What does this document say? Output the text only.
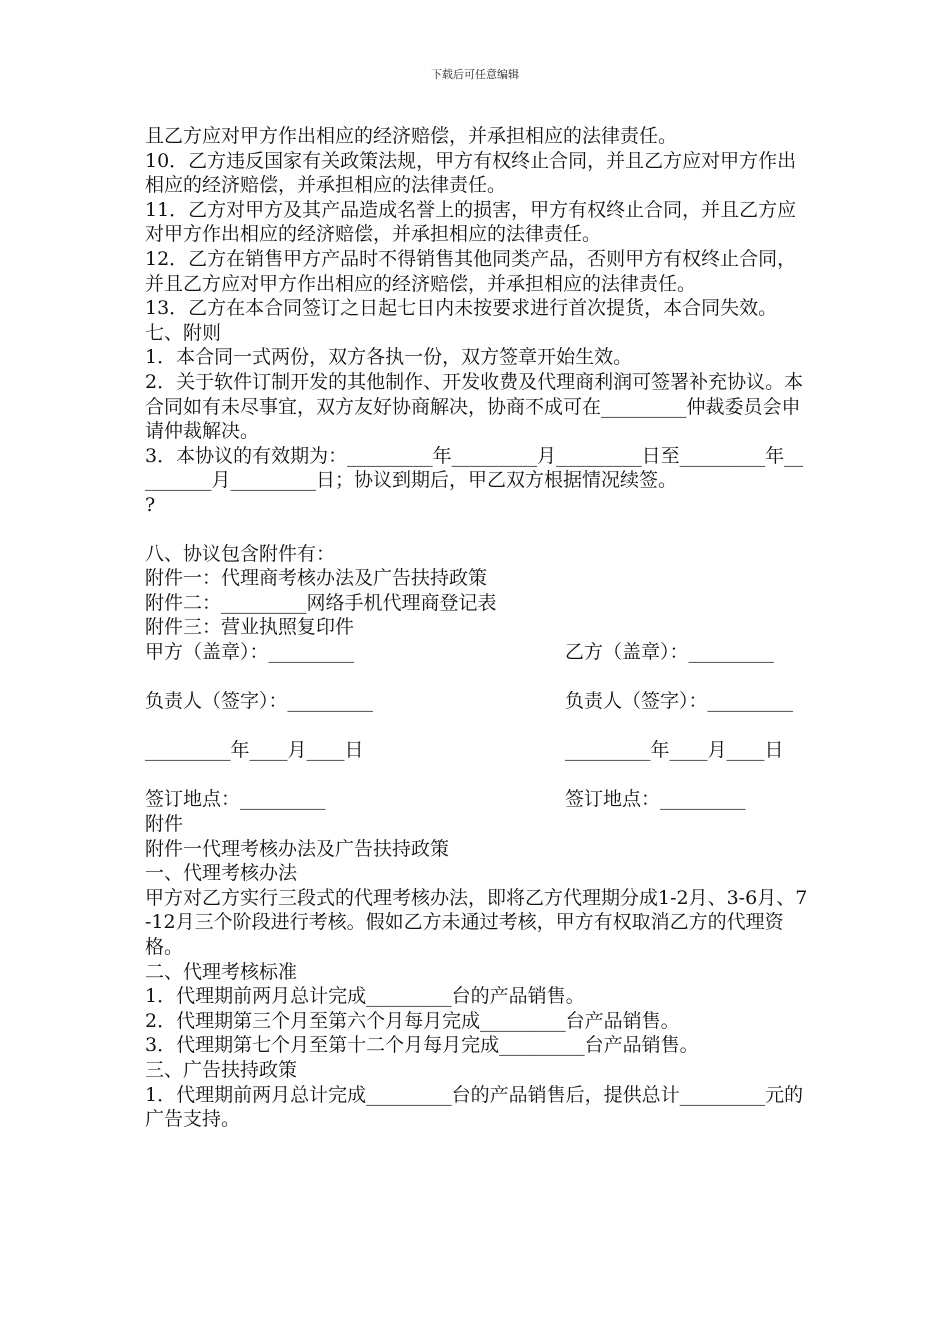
下载后可任意编辑

且乙方应对甲方作出相应的经济赔偿，并承担相应的法律责任。

10．乙方违反国家有关政策法规，甲方有权终止合同，并且乙方应对甲方作出相应的经济赔偿，并承担相应的法律责任。

11．乙方对甲方及其产品造成名誉上的损害，甲方有权终止合同，并且乙方应对甲方作出相应的经济赔偿，并承担相应的法律责任。

12．乙方在销售甲方产品时不得销售其他同类产品，否则甲方有权终止合同，并且乙方应对甲方作出相应的经济赔偿，并承担相应的法律责任。

13．乙方在本合同签订之日起七日内未按要求进行首次提货，本合同失效。

七、附则

1．本合同一式两份，双方各执一份，双方签章开始生效。

2．关于软件订制开发的其他制作、开发收费及代理商利润可签署补充协议。本合同如有未尽事宜，双方友好协商解决，协商不成可在_________仲裁委员会申请仲裁解决。

3．本协议的有效期为：_________年_________月_________日至_________年_________月_________日；协议到期后，甲乙双方根据情况续签。

?

八、协议包含附件有：

附件一：代理商考核办法及广告扶持政策

附件二：_________网络手机代理商登记表

附件三：营业执照复印件

甲方（盖章）：_________

负责人（签字）：_________

_________年____月____日

签订地点：_________

乙方（盖章）：_________

负责人（签字）：_________

_________年____月____日

签订地点：_________

附件

附件一代理考核办法及广告扶持政策

一、代理考核办法

甲方对乙方实行三段式的代理考核办法，即将乙方代理期分成1-2月、3-6月、7-12月三个阶段进行考核。假如乙方未通过考核，甲方有权取消乙方的代理资格。

二、代理考核标准

1．代理期前两月总计完成_________台的产品销售。

2．代理期第三个月至第六个月每月完成_________台产品销售。

3．代理期第七个月至第十二个月每月完成_________台产品销售。

三、广告扶持政策

1．代理期前两月总计完成_________台的产品销售后，提供总计_________元的广告支持。
